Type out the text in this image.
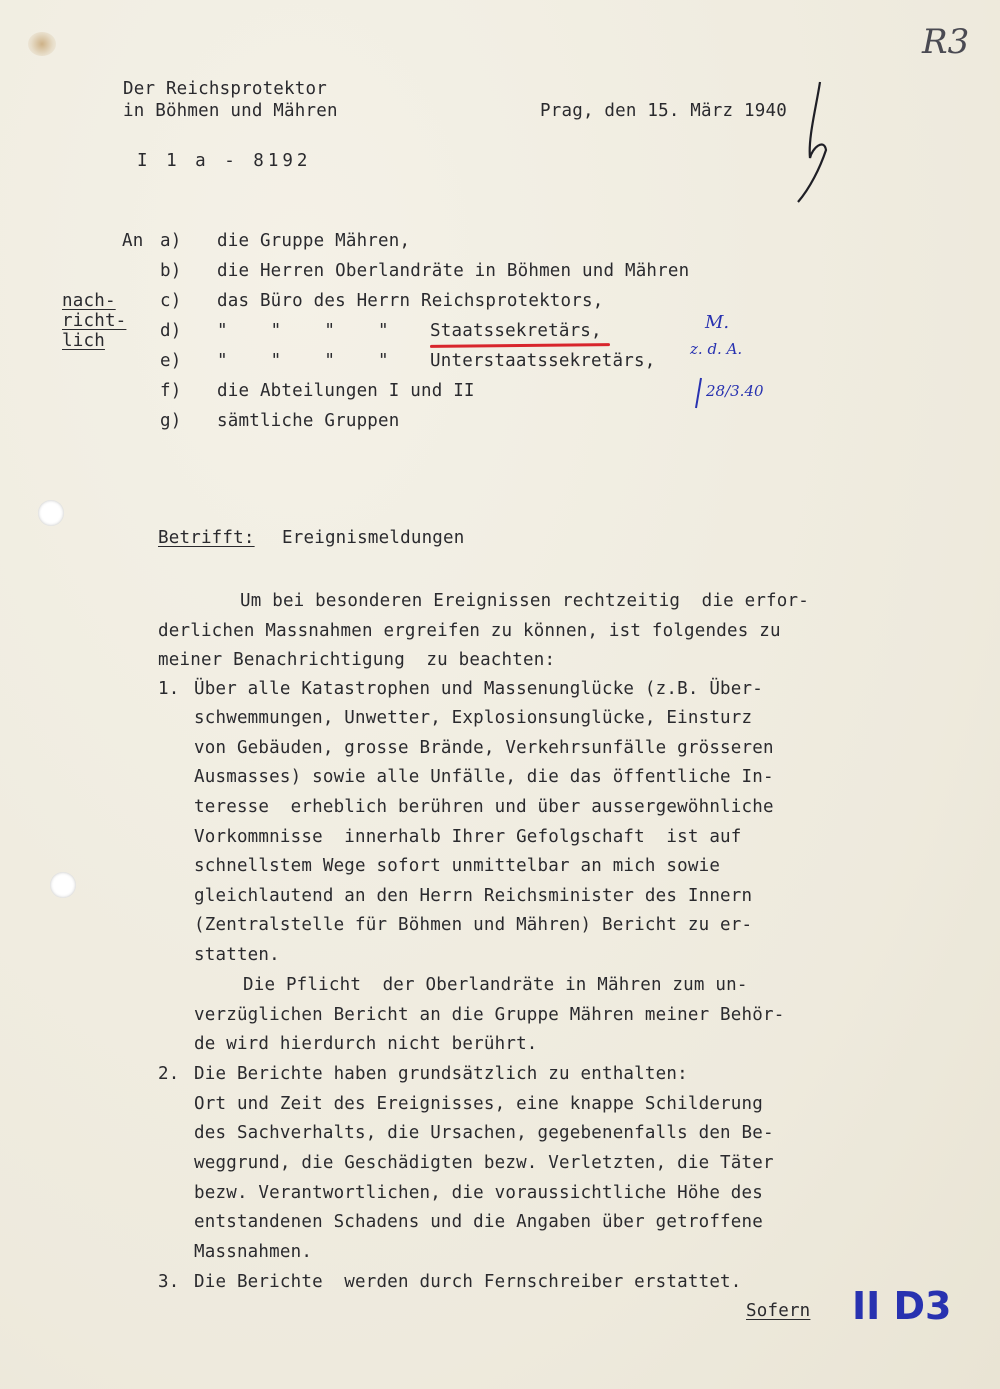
Der Reichsprotektor
in Böhmen und Mähren	Prag, den 15. März 1940
I 1 a - 8192
R3
An a) die Gruppe Mähren,
b) die Herren Oberlandräte in Böhmen und Mähren
nach-	c) das Büro des Herrn Reichsprotektors,
richt- d) "    "    "    " Staatssekretärs,
lich
e) "    "    "    " Unterstaatssekretärs,
f) die Abteilungen I und II
g) sämtliche Gruppen
M.
z. d. A.
28/3.40
Betrifft: Ereignismeldungen
Um bei besonderen Ereignissen rechtzeitig  die erfor-
derlichen Massnahmen ergreifen zu können, ist folgendes zu
meiner Benachrichtigung  zu beachten:
1. Über alle Katastrophen und Massenunglücke (z.B. Über-
schwemmungen, Unwetter, Explosionsunglücke, Einsturz
von Gebäuden, grosse Brände, Verkehrsunfälle grösseren
Ausmasses) sowie alle Unfälle, die das öffentliche In-
teresse  erheblich berühren und über aussergewöhnliche
Vorkommnisse  innerhalb Ihrer Gefolgschaft  ist auf
schnellstem Wege sofort unmittelbar an mich sowie
gleichlautend an den Herrn Reichsminister des Innern
(Zentralstelle für Böhmen und Mähren) Bericht zu er-
statten.
Die Pflicht  der Oberlandräte in Mähren zum un-
verzüglichen Bericht an die Gruppe Mähren meiner Behör-
de wird hierdurch nicht berührt.
2. Die Berichte haben grundsätzlich zu enthalten:
Ort und Zeit des Ereignisses, eine knappe Schilderung
des Sachverhalts, die Ursachen, gegebenenfalls den Be-
weggrund, die Geschädigten bezw. Verletzten, die Täter
bezw. Verantwortlichen, die voraussichtliche Höhe des
entstandenen Schadens und die Angaben über getroffene
Massnahmen.
3. Die Berichte  werden durch Fernschreiber erstattet.
Sofern II D3
